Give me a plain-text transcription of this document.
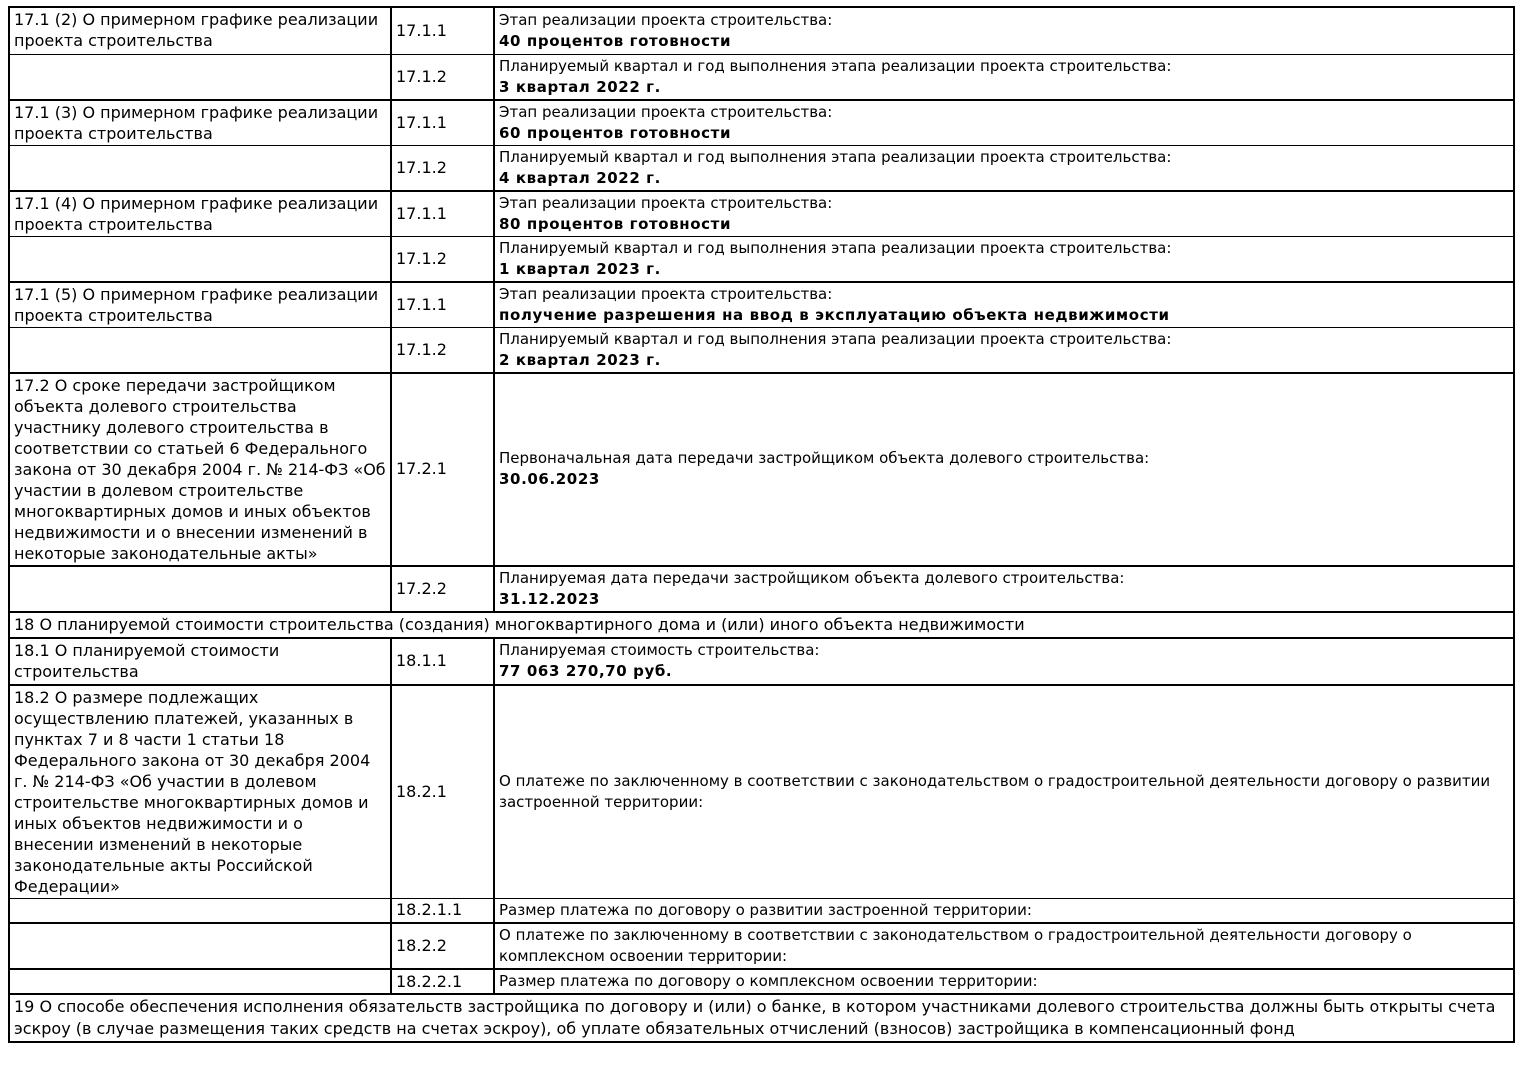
17.1 (2) О примерном графике реализации проекта строительства	17.1.1	Этап реализации проекта строительства:
40 процентов готовности

	17.1.2	Планируемый квартал и год выполнения этапа реализации проекта строительства:
3 квартал 2022 г.

17.1 (3) О примерном графике реализации проекта строительства	17.1.1	Этап реализации проекта строительства:
60 процентов готовности

	17.1.2	Планируемый квартал и год выполнения этапа реализации проекта строительства:
4 квартал 2022 г.

17.1 (4) О примерном графике реализации проекта строительства	17.1.1	Этап реализации проекта строительства:
80 процентов готовности

	17.1.2	Планируемый квартал и год выполнения этапа реализации проекта строительства:
1 квартал 2023 г.

17.1 (5) О примерном графике реализации проекта строительства	17.1.1	Этап реализации проекта строительства:
получение разрешения на ввод в эксплуатацию объекта недвижимости

	17.1.2	Планируемый квартал и год выполнения этапа реализации проекта строительства:
2 квартал 2023 г.

17.2 О сроке передачи застройщиком объекта долевого строительства участнику долевого строительства в соответствии со статьей 6 Федерального закона от 30 декабря 2004 г. № 214-ФЗ «Об участии в долевом строительстве многоквартирных домов и иных объектов недвижимости и о внесении изменений в некоторые законодательные акты»	17.2.1	Первоначальная дата передачи застройщиком объекта долевого строительства:
30.06.2023

	17.2.2	Планируемая дата передачи застройщиком объекта долевого строительства:
31.12.2023

18 О планируемой стоимости строительства (создания) многоквартирного дома и (или) иного объекта недвижимости		
18.1 О планируемой стоимости строительства	18.1.1	Планируемая стоимость строительства:
77 063 270,70 руб.

18.2 О размере подлежащих осуществлению платежей, указанных в пунктах 7 и 8 части 1 статьи 18 Федерального закона от 30 декабря 2004 г. № 214-ФЗ «Об участии в долевом строительстве многоквартирных домов и иных объектов недвижимости и о внесении изменений в некоторые законодательные акты Российской Федерации»	18.2.1	О платеже по заключенному в соответствии с законодательством о градостроительной деятельности договору о развитии застроенной территории:

	18.2.1.1	Размер платежа по договору о развитии застроенной территории:

	18.2.2	О платеже по заключенному в соответствии с законодательством о градостроительной деятельности договору о комплексном освоении территории:

	18.2.2.1	Размер платежа по договору о комплексном освоении территории:

19 О способе обеспечения исполнения обязательств застройщика по договору и (или) о банке, в котором участниками долевого строительства должны быть открыты счета эскроу (в случае размещения таких средств на счетах эскроу), об уплате обязательных отчислений (взносов) застройщика в компенсационный фонд		
